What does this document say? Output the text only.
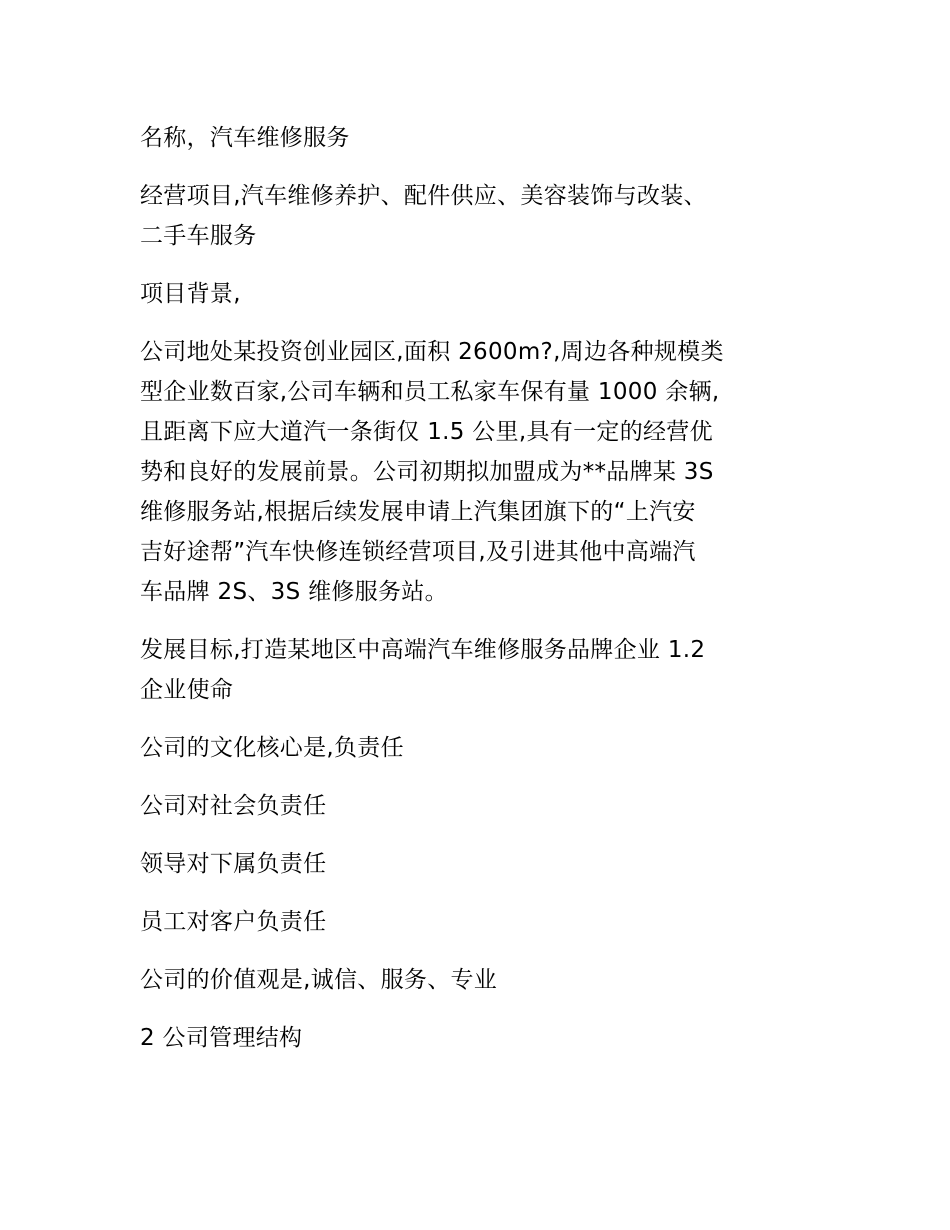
名称，汽车维修服务

经营项目,汽车维修养护、配件供应、美容装饰与改装、
二手车服务

项目背景,

公司地处某投资创业园区,面积 2600m?,周边各种规模类
型企业数百家,公司车辆和员工私家车保有量 1000 余辆,
且距离下应大道汽一条街仅 1.5 公里,具有一定的经营优
势和良好的发展前景。公司初期拟加盟成为**品牌某 3S
维修服务站,根据后续发展申请上汽集团旗下的“上汽安
吉好途帮”汽车快修连锁经营项目,及引进其他中高端汽
车品牌 2S、3S 维修服务站。

发展目标,打造某地区中高端汽车维修服务品牌企业 1.2
企业使命

公司的文化核心是,负责任

公司对社会负责任

领导对下属负责任

员工对客户负责任

公司的价值观是,诚信、服务、专业

2 公司管理结构
